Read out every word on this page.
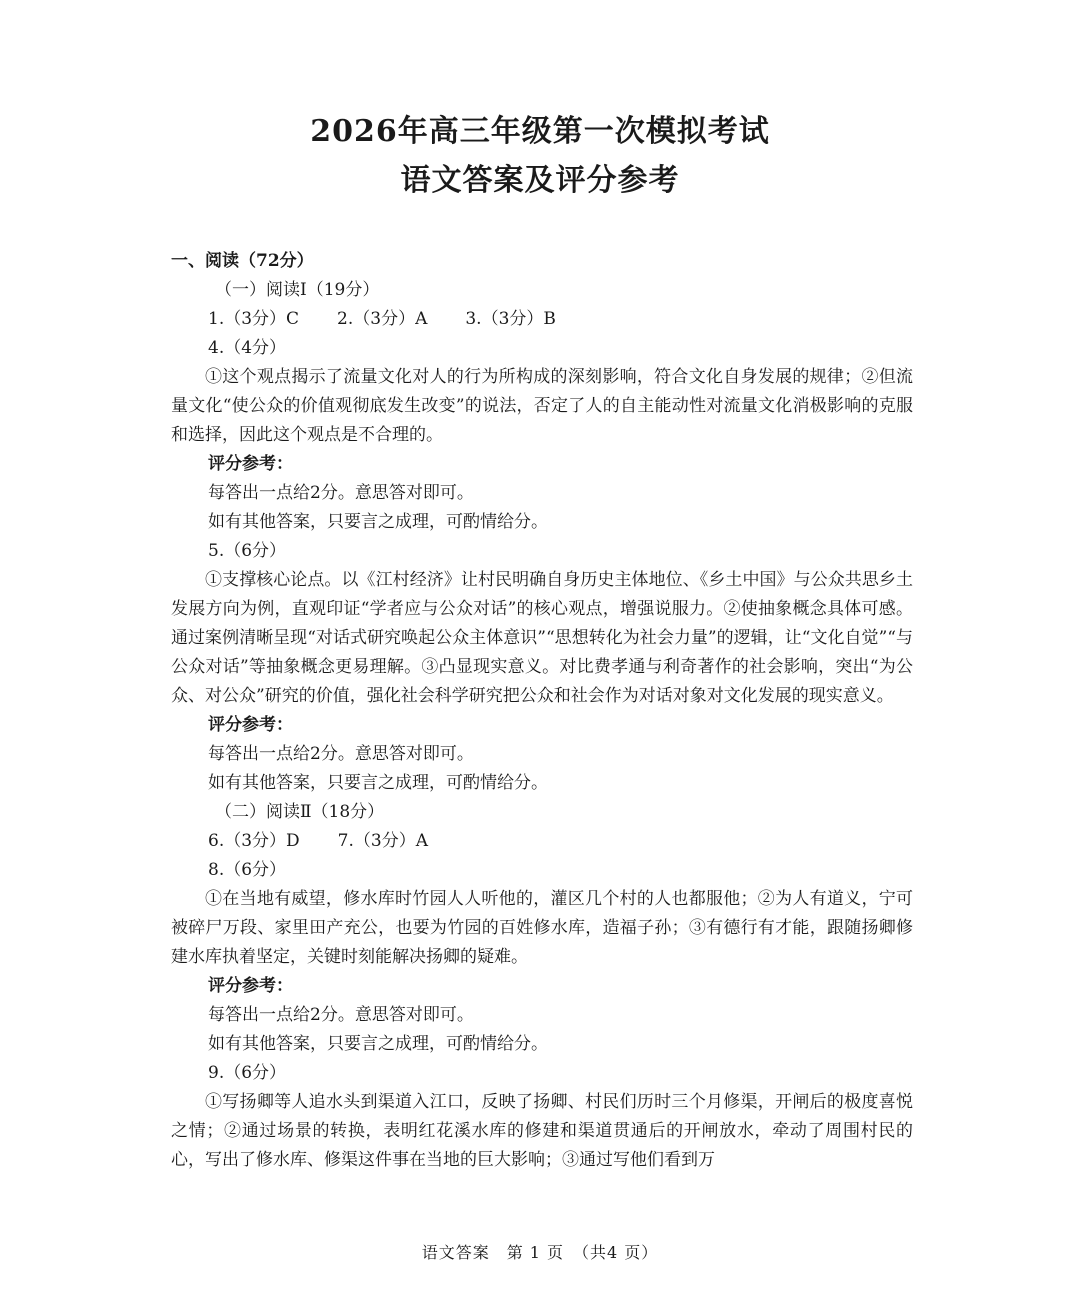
2026年高三年级第一次模拟考试
语文答案及评分参考

一、阅读（72分）

（一）阅读Ⅰ（19分）

1.（3分）C 2.（3分）A 3.（3分）B

4.（4分）

①这个观点揭示了流量文化对人的行为所构成的深刻影响，符合文化自身发展的规律；②但流量文化“使公众的价值观彻底发生改变”的说法，否定了人的自主能动性对流量文化消极影响的克服和选择，因此这个观点是不合理的。

评分参考：

每答出一点给2分。意思答对即可。

如有其他答案，只要言之成理，可酌情给分。

5.（6分）

①支撑核心论点。以《江村经济》让村民明确自身历史主体地位、《乡土中国》与公众共思乡土发展方向为例，直观印证“学者应与公众对话”的核心观点，增强说服力。②使抽象概念具体可感。通过案例清晰呈现“对话式研究唤起公众主体意识”“思想转化为社会力量”的逻辑，让“文化自觉”“与公众对话”等抽象概念更易理解。③凸显现实意义。对比费孝通与利奇著作的社会影响，突出“为公众、对公众”研究的价值，强化社会科学研究把公众和社会作为对话对象对文化发展的现实意义。

评分参考：

每答出一点给2分。意思答对即可。

如有其他答案，只要言之成理，可酌情给分。

（二）阅读Ⅱ（18分）

6.（3分）D 7.（3分）A

8.（6分）

①在当地有威望，修水库时竹园人人听他的，灌区几个村的人也都服他；②为人有道义，宁可被碎尸万段、家里田产充公，也要为竹园的百姓修水库，造福子孙；③有德行有才能，跟随扬卿修建水库执着坚定，关键时刻能解决扬卿的疑难。

评分参考：

每答出一点给2分。意思答对即可。

如有其他答案，只要言之成理，可酌情给分。

9.（6分）

①写扬卿等人追水头到渠道入江口，反映了扬卿、村民们历时三个月修渠，开闸后的极度喜悦之情；②通过场景的转换，表明红花溪水库的修建和渠道贯通后的开闸放水，牵动了周围村民的心，写出了修水库、修渠这件事在当地的巨大影响；③通过写他们看到万

语文答案　第 1 页　（共4 页）
